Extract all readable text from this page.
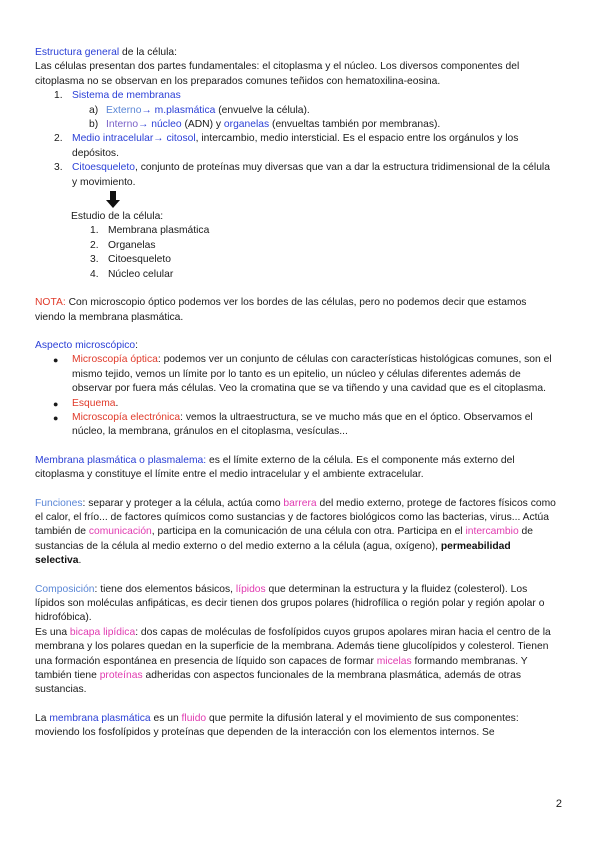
Estructura general de la célula:

Las células presentan dos partes fundamentales: el citoplasma y el núcleo. Los diversos componentes del citoplasma no se observan en los preparados comunes teñidos con hematoxilina-eosina.

1. Sistema de membranas
a) Externo→ m.plasmática (envuelve la célula).
b) Interno→ núcleo (ADN) y organelas (envueltas también por membranas).
2. Medio intracelular→ citosol, intercambio, medio intersticial. Es el espacio entre los orgánulos y los depósitos.
3. Citoesqueleto, conjunto de proteínas muy diversas que van a dar la estructura tridimensional de la célula y movimiento.

Estudio de la célula:

1. Membrana plasmática
2. Organelas
3. Citoesqueleto
4. Núcleo celular

NOTA: Con microscopio óptico podemos ver los bordes de las células, pero no podemos decir que estamos viendo la membrana plasmática.

Aspecto microscópico:

● Microscopía óptica: podemos ver un conjunto de células con características histológicas comunes, son el mismo tejido, vemos un límite por lo tanto es un epitelio, un núcleo y células diferentes además de observar por fuera más células. Veo la cromatina que se va tiñendo y una cavidad que es el citoplasma.
● Esquema.
● Microscopía electrónica: vemos la ultraestructura, se ve mucho más que en el óptico. Observamos el núcleo, la membrana, gránulos en el citoplasma, vesículas...

Membrana plasmática o plasmalema: es el límite externo de la célula. Es el componente más externo del citoplasma y constituye el límite entre el medio intracelular y el ambiente extracelular.

Funciones: separar y proteger a la célula, actúa como barrera del medio externo, protege de factores físicos como el calor, el frío... de factores químicos como sustancias y de factores biológicos como las bacterias, virus... Actúa también de comunicación, participa en la comunicación de una célula con otra. Participa en el intercambio de sustancias de la célula al medio externo o del medio externo a la célula (agua, oxígeno), permeabilidad selectiva.

Composición: tiene dos elementos básicos, lípidos que determinan la estructura y la fluidez (colesterol). Los lípidos son moléculas anfipáticas, es decir tienen dos grupos polares (hidrofílica o región polar y región apolar o hidrofóbica).

Es una bicapa lipídica: dos capas de moléculas de fosfolípidos cuyos grupos apolares miran hacia el centro de la membrana y los polares quedan en la superficie de la membrana. Además tiene glucolípidos y colesterol. Tienen una formación espontánea en presencia de líquido son capaces de formar micelas formando membranas. Y también tiene proteínas adheridas con aspectos funcionales de la membrana plasmática, además de otras sustancias.

La membrana plasmática es un fluido que permite la difusión lateral y el movimiento de sus componentes: moviendo los fosfolípidos y proteínas que dependen de la interacción con los elementos internos. Se

2
